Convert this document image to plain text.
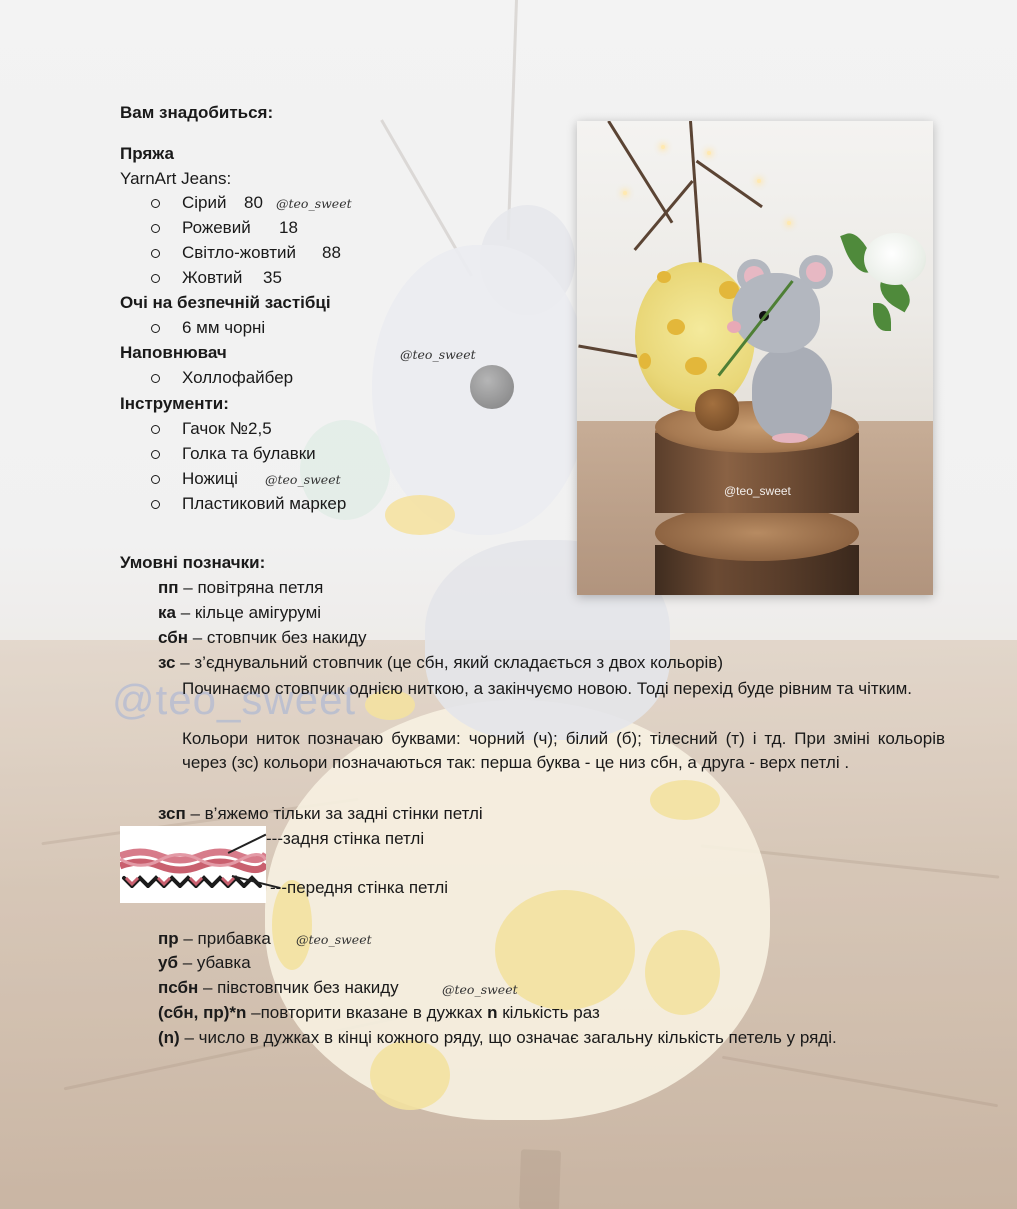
@teo_sweet
@teo_sweet
Вам знадобиться:
Пряжа
YarnArt Jeans:
Сірий 80 @teo_sweet
Рожевий 18
Світло-жовтий 88
Жовтий 35
Очі на безпечній застібці
6 мм чорні
Наповнювач	@teo_sweet
Холлофайбер
Інструменти:
Гачок №2,5
Голка та булавки
Ножиці @teo_sweet
Пластиковий маркер
Умовні позначки:
пп – повітряна петля
ка – кільце амігурумі
сбн – стовпчик без накиду
зс – з’єднувальний стовпчик (це сбн, який складається з двох кольорів)
Починаємо стовпчик однією ниткою, а закінчуємо новою. Тоді перехід буде рівним та чітким.
Кольори ниток позначаю буквами: чорний (ч); білий (б); тілесний (т) і тд. При зміні кольорів через (зс) кольори позначаються так: перша буква - це низ сбн, а друга - верх петлі .
зсп – в’яжемо тільки за задні стінки петлі
---задня стінка петлі
---передня стінка петлі
пр – прибавка @teo_sweet
уб – убавка
псбн – півстовпчик без накиду	@teo_sweet
(сбн, пр)*n –повторити вказане в дужках n кількість раз
(n) – число в дужках в кінці кожного ряду, що означає загальну кількість петель у ряді.
